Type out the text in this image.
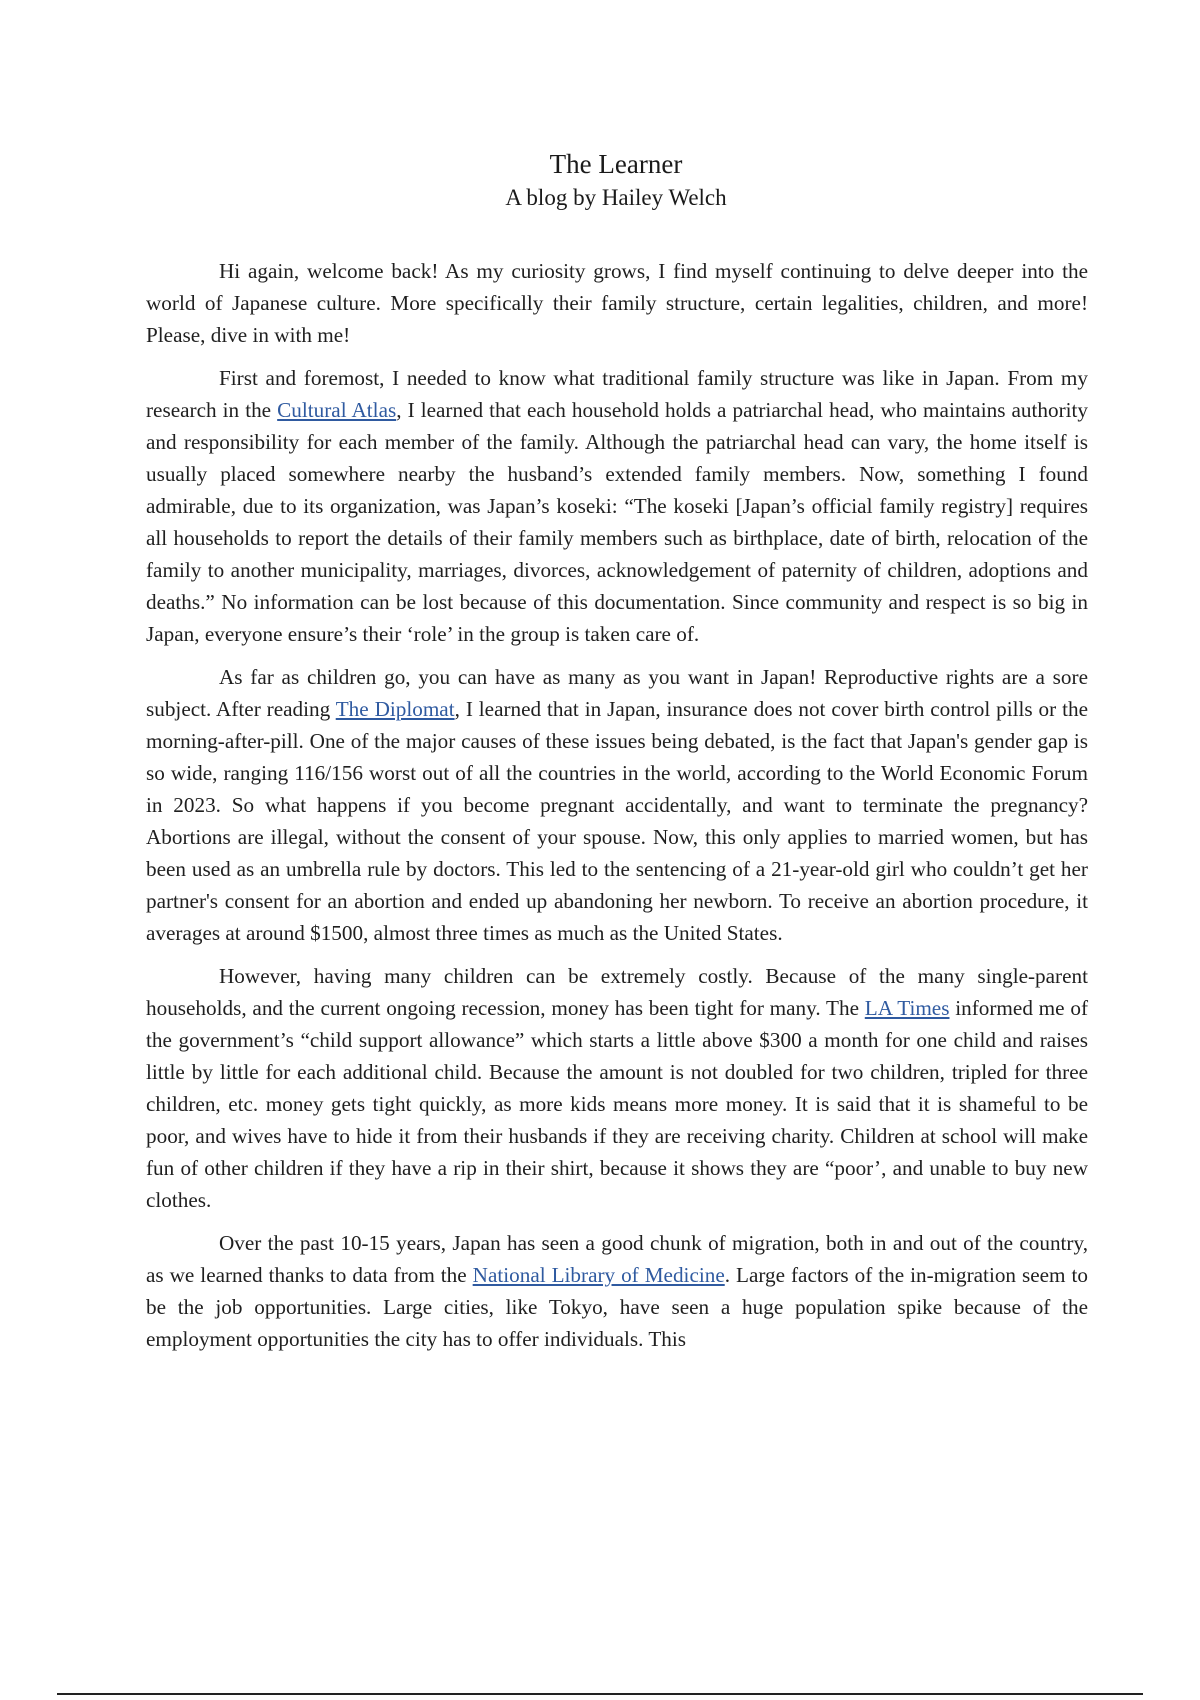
The Learner
A blog by Hailey Welch

Hi again, welcome back! As my curiosity grows, I find myself continuing to delve deeper into the world of Japanese culture. More specifically their family structure, certain legalities, children, and more! Please, dive in with me!

First and foremost, I needed to know what traditional family structure was like in Japan. From my research in the Cultural Atlas, I learned that each household holds a patriarchal head, who maintains authority and responsibility for each member of the family. Although the patriarchal head can vary, the home itself is usually placed somewhere nearby the husband’s extended family members. Now, something I found admirable, due to its organization, was Japan’s koseki: “The koseki [Japan’s official family registry] requires all households to report the details of their family members such as birthplace, date of birth, relocation of the family to another municipality, marriages, divorces, acknowledgement of paternity of children, adoptions and deaths.” No information can be lost because of this documentation. Since community and respect is so big in Japan, everyone ensure’s their ‘role’ in the group is taken care of.

As far as children go, you can have as many as you want in Japan! Reproductive rights are a sore subject. After reading The Diplomat, I learned that in Japan, insurance does not cover birth control pills or the morning-after-pill. One of the major causes of these issues being debated, is the fact that Japan's gender gap is so wide, ranging 116/156 worst out of all the countries in the world, according to the World Economic Forum in 2023. So what happens if you become pregnant accidentally, and want to terminate the pregnancy? Abortions are illegal, without the consent of your spouse. Now, this only applies to married women, but has been used as an umbrella rule by doctors. This led to the sentencing of a 21-year-old girl who couldn’t get her partner's consent for an abortion and ended up abandoning her newborn. To receive an abortion procedure, it averages at around $1500, almost three times as much as the United States.

However, having many children can be extremely costly. Because of the many single-parent households, and the current ongoing recession, money has been tight for many. The LA Times informed me of the government’s “child support allowance” which starts a little above $300 a month for one child and raises little by little for each additional child. Because the amount is not doubled for two children, tripled for three children, etc. money gets tight quickly, as more kids means more money. It is said that it is shameful to be poor, and wives have to hide it from their husbands if they are receiving charity. Children at school will make fun of other children if they have a rip in their shirt, because it shows they are “poor’, and unable to buy new clothes.

Over the past 10-15 years, Japan has seen a good chunk of migration, both in and out of the country, as we learned thanks to data from the National Library of Medicine. Large factors of the in-migration seem to be the job opportunities. Large cities, like Tokyo, have seen a huge population spike because of the employment opportunities the city has to offer individuals. This
